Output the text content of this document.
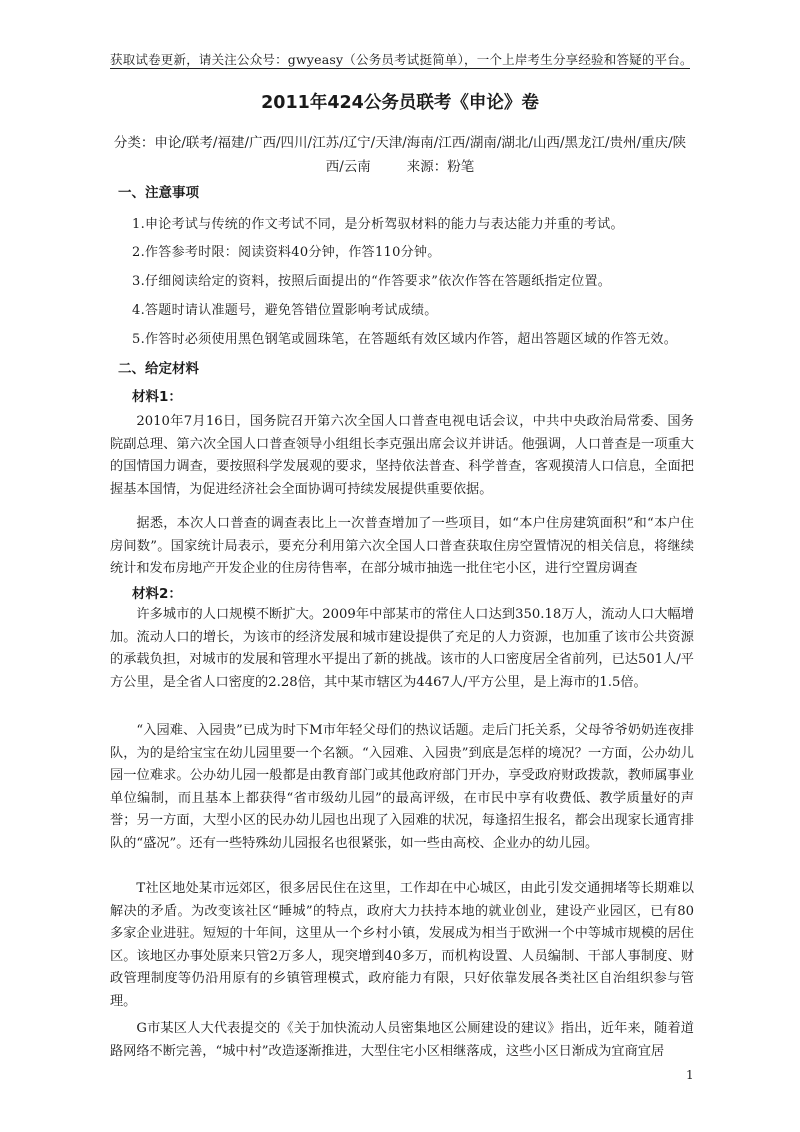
获取试卷更新，请关注公众号：gwyeasy（公务员考试挺简单），一个上岸考生分享经验和答疑的平台。
2011年424公务员联考《申论》卷
分类：申论/联考/福建/广西/四川/江苏/辽宁/天津/海南/江西/湖南/湖北/山西/黑龙江/贵州/重庆/陕西/云南	来源：粉笔
一、注意事项
1.申论考试与传统的作文考试不同，是分析驾驭材料的能力与表达能力并重的考试。
2.作答参考时限：阅读资料40分钟，作答110分钟。
3.仔细阅读给定的资料，按照后面提出的“作答要求”依次作答在答题纸指定位置。
4.答题时请认准题号，避免答错位置影响考试成绩。
5.作答时必须使用黑色钢笔或圆珠笔，在答题纸有效区域内作答，超出答题区域的作答无效。
二、给定材料
材料1：
2010年7月16日，国务院召开第六次全国人口普查电视电话会议，中共中央政治局常委、国务院副总理、第六次全国人口普查领导小组组长李克强出席会议并讲话。他强调，人口普查是一项重大的国情国力调查，要按照科学发展观的要求，坚持依法普查、科学普查，客观摸清人口信息，全面把握基本国情，为促进经济社会全面协调可持续发展提供重要依据。
据悉，本次人口普查的调查表比上一次普查增加了一些项目，如“本户住房建筑面积”和“本户住房间数”。国家统计局表示，要充分利用第六次全国人口普查获取住房空置情况的相关信息，将继续统计和发布房地产开发企业的住房待售率，在部分城市抽选一批住宅小区，进行空置房调查
材料2：
许多城市的人口规模不断扩大。2009年中部某市的常住人口达到350.18万人，流动人口大幅增加。流动人口的增长，为该市的经济发展和城市建设提供了充足的人力资源，也加重了该市公共资源的承载负担，对城市的发展和管理水平提出了新的挑战。该市的人口密度居全省前列，已达501人/平方公里，是全省人口密度的2.28倍，其中某市辖区为4467人/平方公里，是上海市的1.5倍。
“入园难、入园贵”已成为时下M市年轻父母们的热议话题。走后门托关系，父母爷爷奶奶连夜排队，为的是给宝宝在幼儿园里要一个名额。“入园难、入园贵”到底是怎样的境况？一方面，公办幼儿园一位难求。公办幼儿园一般都是由教育部门或其他政府部门开办，享受政府财政拨款，教师属事业单位编制，而且基本上都获得“省市级幼儿园”的最高评级，在市民中享有收费低、教学质量好的声誉；另一方面，大型小区的民办幼儿园也出现了入园难的状况，每逢招生报名，都会出现家长通宵排队的“盛况”。还有一些特殊幼儿园报名也很紧张，如一些由高校、企业办的幼儿园。
T社区地处某市远郊区，很多居民住在这里，工作却在中心城区，由此引发交通拥堵等长期难以解决的矛盾。为改变该社区“睡城”的特点，政府大力扶持本地的就业创业，建设产业园区，已有80多家企业进驻。短短的十年间，这里从一个乡村小镇，发展成为相当于欧洲一个中等城市规模的居住区。该地区办事处原来只管2万多人，现突增到40多万，而机构设置、人员编制、干部人事制度、财政管理制度等仍沿用原有的乡镇管理模式，政府能力有限，只好依靠发展各类社区自治组织参与管理。
G市某区人大代表提交的《关于加快流动人员密集地区公厕建设的建议》指出，近年来，随着道路网络不断完善，“城中村”改造逐渐推进，大型住宅小区相继落成，这些小区日渐成为宜商宜居
1
